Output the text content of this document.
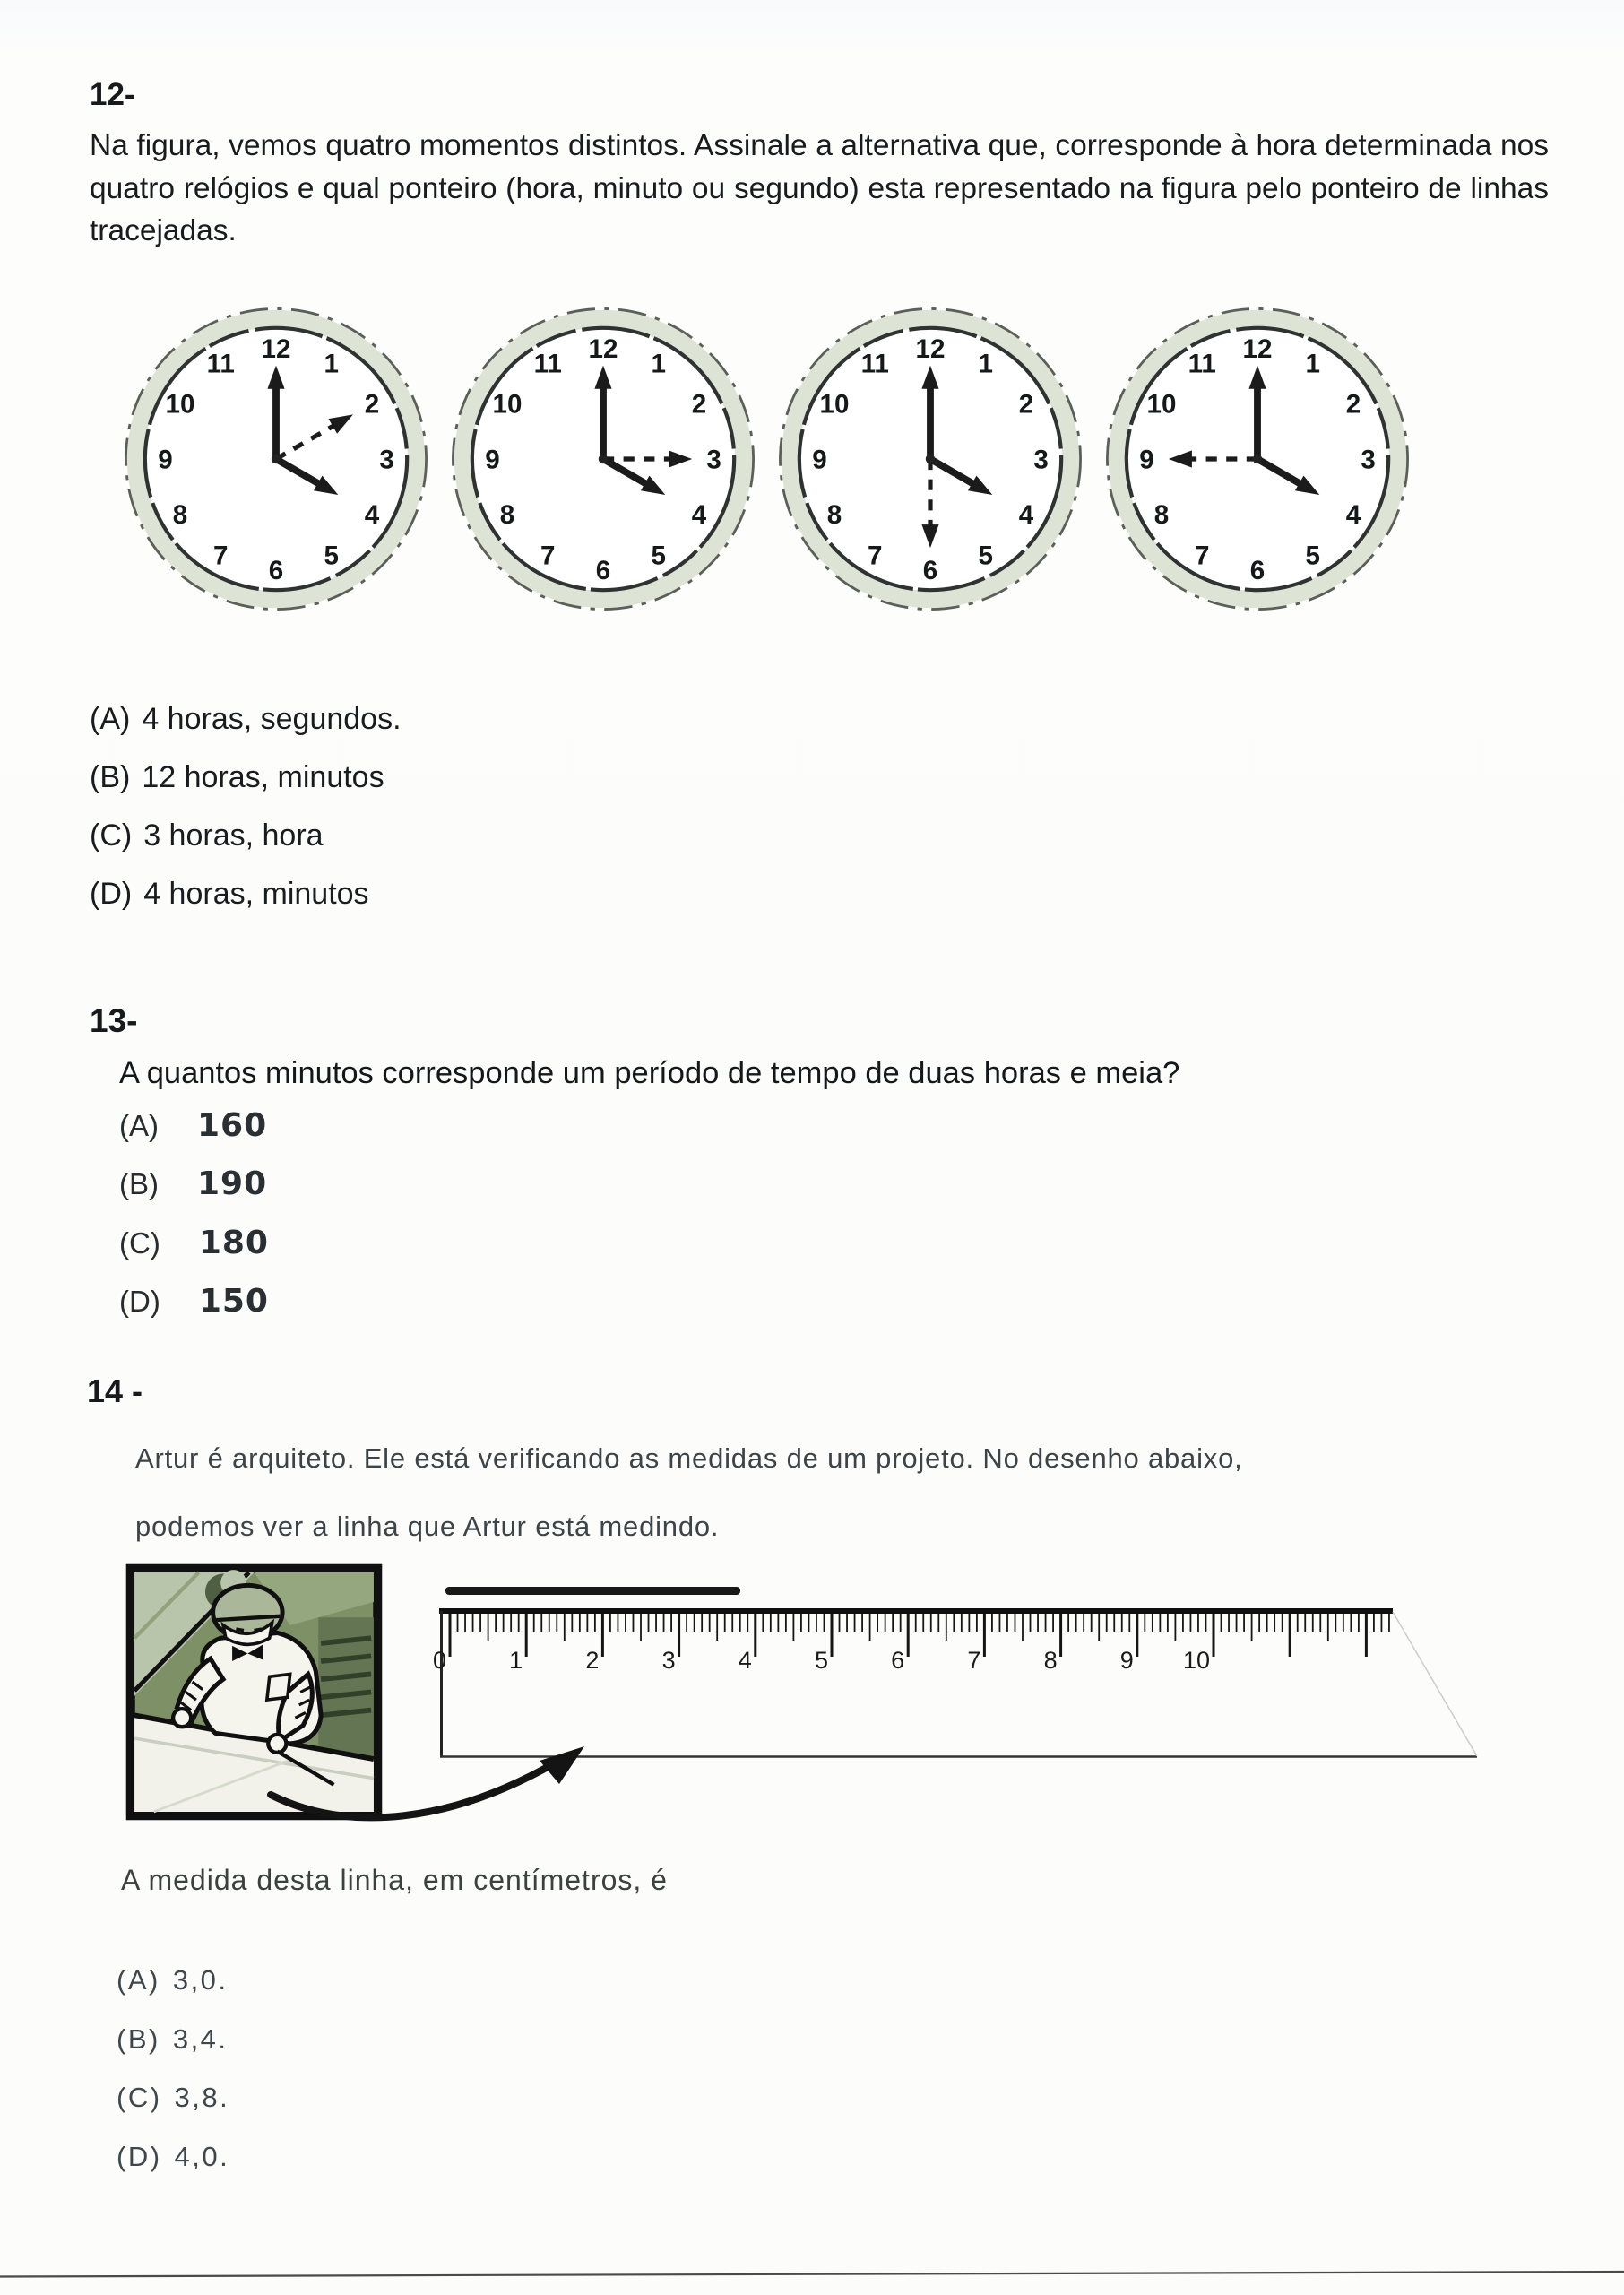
12-
Na figura, vemos quatro momentos distintos. Assinale a alternativa que, corresponde à hora determinada nos quatro relógios e qual ponteiro (hora, minuto ou segundo) esta representado na figura pelo ponteiro de linhas tracejadas.
1
2
3
4
5
6
7
8
9
10
11
12
1
2
3
4
5
6
7
8
9
10
11
12
1
2
3
4
5
6
7
8
9
10
11
12
1
2
3
4
5
6
7
8
9
10
11
12
(A) 4 horas, segundos.
(B) 12 horas, minutos
(C) 3 horas, hora
(D) 4 horas, minutos
13-
A quantos minutos corresponde um período de tempo de duas horas e meia?
(A) 160
(B) 190
(C) 180
(D) 150
14 -
Artur é arquiteto. Ele está verificando as medidas de um projeto. No desenho abaixo,
podemos ver a linha que Artur está medindo.
0	1	2	3	4	5	6	7	8	9 10
A medida desta linha, em centímetros, é
(A) 3,0.
(B) 3,4.
(C) 3,8.
(D) 4,0.
